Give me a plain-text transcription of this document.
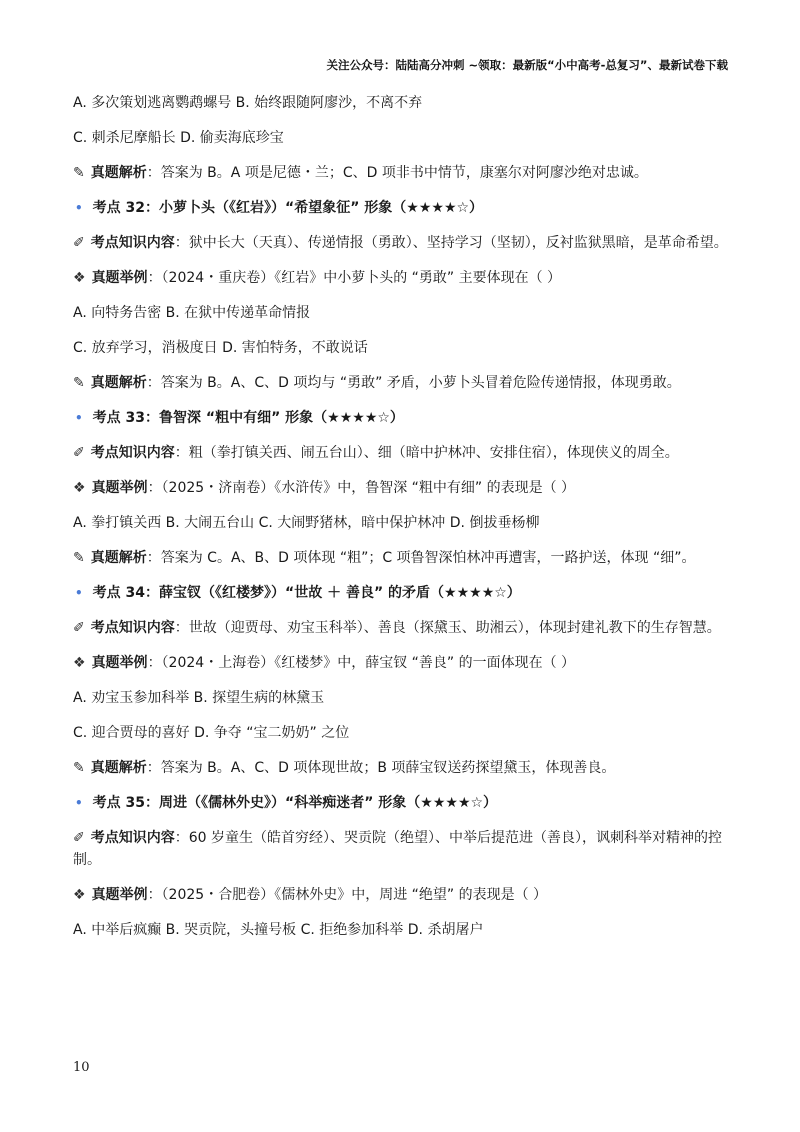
关注公众号：陆陆高分冲刺 ~领取：最新版“小中高考-总复习”、最新试卷下载
A. 多次策划逃离鹦鹉螺号 B. 始终跟随阿廖沙，不离不弃
C. 刺杀尼摩船长 D. 偷卖海底珍宝
✎ 真题解析：答案为 B。A 项是尼德・兰；C、D 项非书中情节，康塞尔对阿廖沙绝对忠诚。
• 考点 32：小萝卜头（《红岩》）“希望象征” 形象（★★★★☆）
✐ 考点知识内容：狱中长大（天真）、传递情报（勇敢）、坚持学习（坚韧），反衬监狱黑暗，是革命希望。
❖ 真题举例：（2024・重庆卷）《红岩》中小萝卜头的 “勇敢” 主要体现在（ ）
A. 向特务告密 B. 在狱中传递革命情报
C. 放弃学习，消极度日 D. 害怕特务，不敢说话
✎ 真题解析：答案为 B。A、C、D 项均与 “勇敢” 矛盾，小萝卜头冒着危险传递情报，体现勇敢。
• 考点 33：鲁智深 “粗中有细” 形象（★★★★☆）
✐ 考点知识内容：粗（拳打镇关西、闹五台山）、细（暗中护林冲、安排住宿），体现侠义的周全。
❖ 真题举例：（2025・济南卷）《水浒传》中，鲁智深 “粗中有细” 的表现是（ ）
A. 拳打镇关西 B. 大闹五台山 C. 大闹野猪林，暗中保护林冲 D. 倒拔垂杨柳
✎ 真题解析：答案为 C。A、B、D 项体现 “粗”；C 项鲁智深怕林冲再遭害，一路护送，体现 “细”。
• 考点 34：薛宝钗（《红楼梦》）“世故 ＋ 善良” 的矛盾（★★★★☆）
✐ 考点知识内容：世故（迎贾母、劝宝玉科举）、善良（探黛玉、助湘云），体现封建礼教下的生存智慧。
❖ 真题举例：（2024・上海卷）《红楼梦》中，薛宝钗 “善良” 的一面体现在（ ）
A. 劝宝玉参加科举 B. 探望生病的林黛玉
C. 迎合贾母的喜好 D. 争夺 “宝二奶奶” 之位
✎ 真题解析：答案为 B。A、C、D 项体现世故；B 项薛宝钗送药探望黛玉，体现善良。
• 考点 35：周进（《儒林外史》）“科举痴迷者” 形象（★★★★☆）
✐ 考点知识内容：60 岁童生（皓首穷经）、哭贡院（绝望）、中举后提范进（善良），讽刺科举对精神的控制。
❖ 真题举例：（2025・合肥卷）《儒林外史》中，周进 “绝望” 的表现是（ ）
A. 中举后疯癫 B. 哭贡院，头撞号板 C. 拒绝参加科举 D. 杀胡屠户
10
